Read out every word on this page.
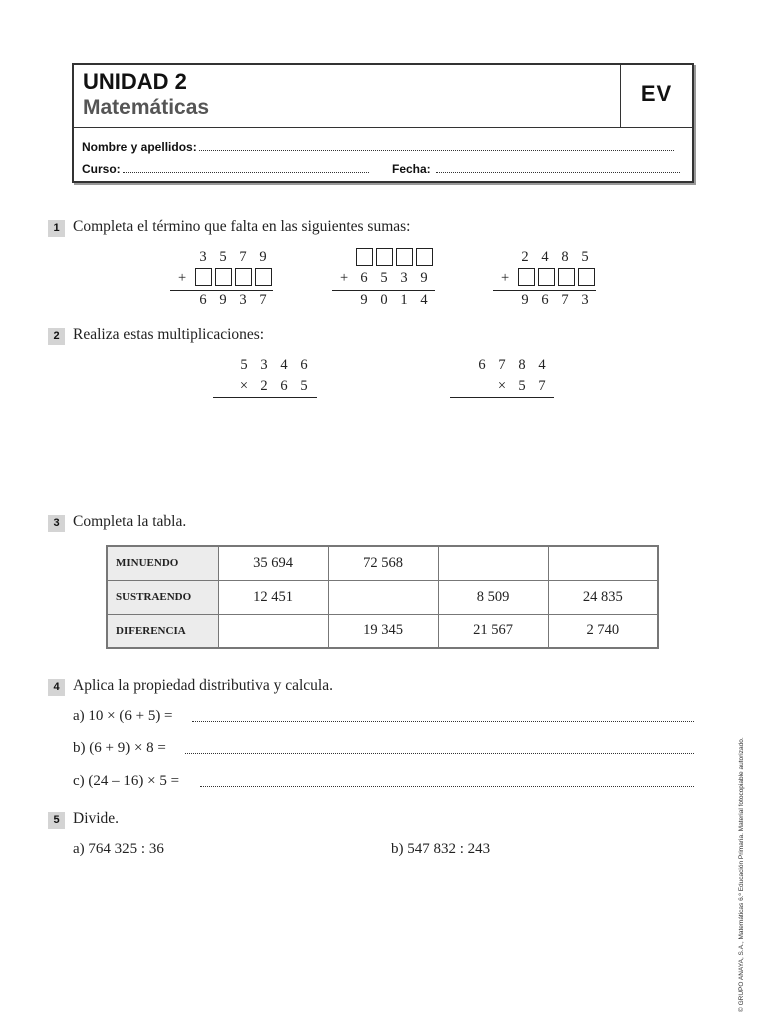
UNIDAD 2
Matemáticas
EV
Nombre y apellidos:
Curso:	Fecha:
1 Completa el término que falta en las siguientes sumas:
3 5 7 9
+
6 9 3 7
+ 6 5 3 9
9 0 1 4
2 4 8 5
+
9 6 7 3
2 Realiza estas multiplicaciones:
5 3 4 6
× 2 6 5
6 7 8 4
× 5 7
3 Completa la tabla.
MINUENDO	35 694	72 568		
SUSTRAENDO	12 451		8 509	24 835
DIFERENCIA		19 345	21 567	2 740
4 Aplica la propiedad distributiva y calcula.
a) 10 × (6 + 5) =
b) (6 + 9) × 8 =
c) (24 – 16) × 5 =
5 Divide.
a) 764 325 : 36	b) 547 832 : 243	© GRUPO ANAYA, S.A., Matemáticas 6.º Educación Primaria. Material fotocopiable autorizado.
